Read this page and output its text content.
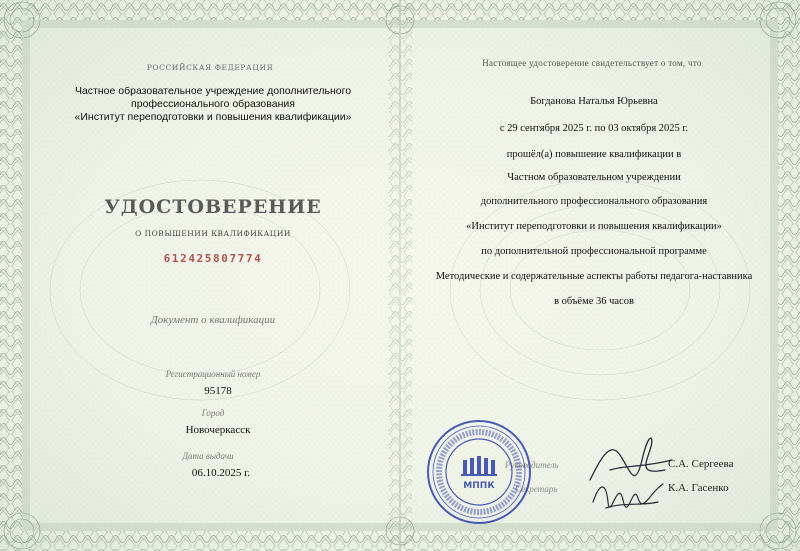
РОССИЙСКАЯ ФЕДЕРАЦИЯ
Частное образовательное учреждение дополнительного
профессионального образования
«Институт переподготовки и повышения квалификации»
УДОСТОВЕРЕНИЕ
О ПОВЫШЕНИИ КВАЛИФИКАЦИИ
612425807774
Документ о квалификации
Регистрационный номер
95178
Город
Новочеркасск
Дата выдачи
06.10.2025 г.
Настоящее удостоверение свидетельствует о том, что
Богданова Наталья Юрьевна
с 29 сентября 2025 г. по 03 октября 2025 г.
прошёл(а) повышение квалификации в
Частном образовательном учреждении
дополнительного профессионального образования
«Институт переподготовки и повышения квалификации»
по дополнительной профессиональной программе
Методические и содержательные аспекты работы педагога-наставника
в объёме 36 часов
Руководитель
Секретарь
С.А. Сергеева
К.А. Гасенко
МППК
